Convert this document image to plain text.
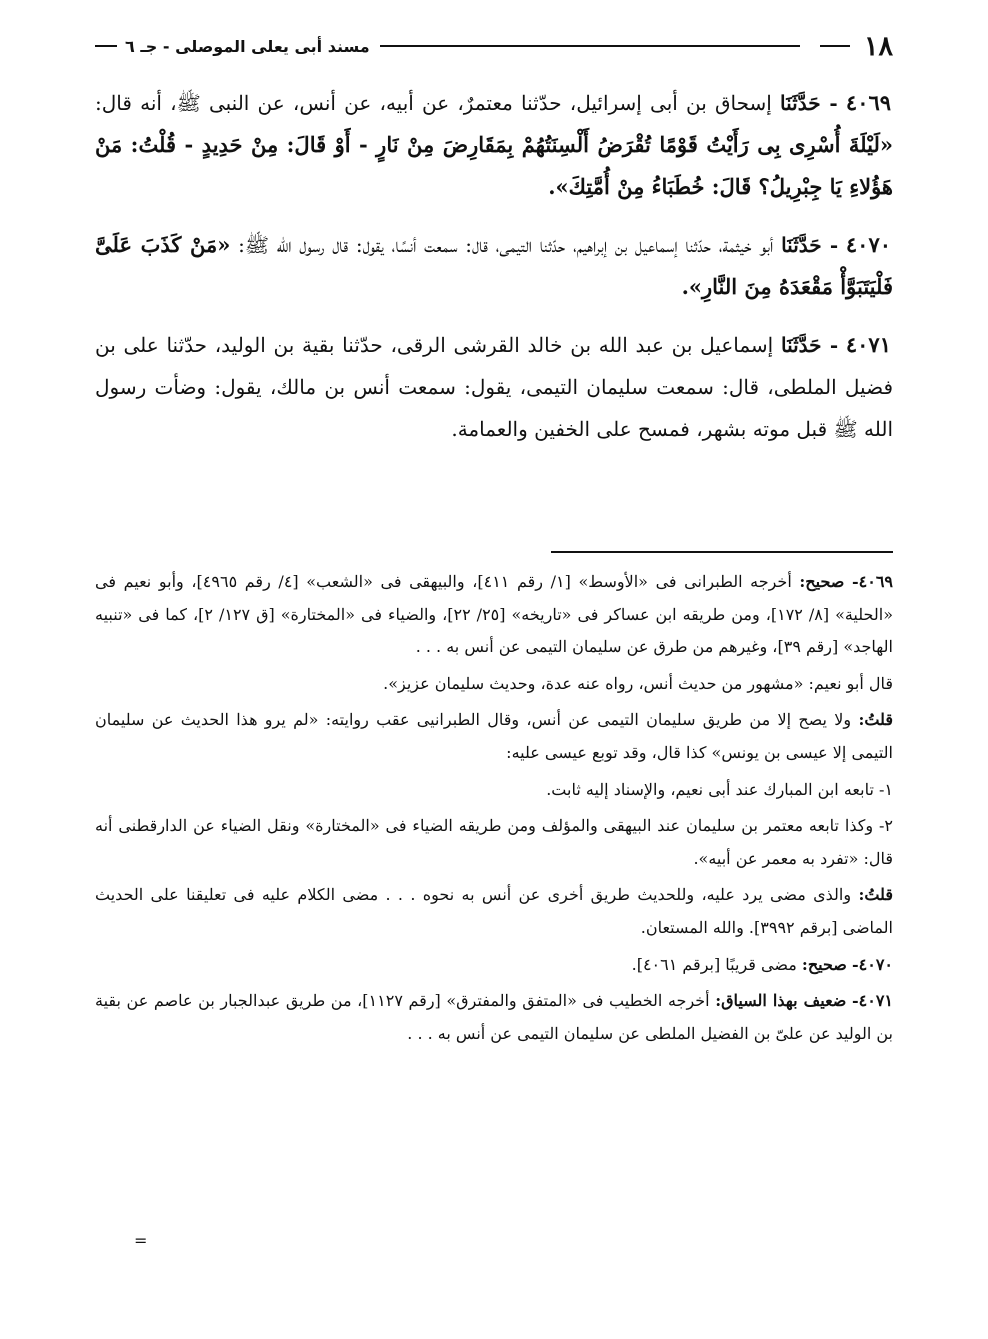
١٨
مسند أبى يعلى الموصلى - جـ ٦

٤٠٦٩ - حَدَّثَنَا إسحاق بن أبى إسرائيل، حدّثنا معتمرٌ، عن أبيه، عن أنس، عن النبى ﷺ، أنه قال: «لَيْلَةَ أُسْرِى بِى رَأَيْتُ قَوْمًا تُقْرَضُ أَلْسِنَتُهُمْ بِمَقَارِضَ مِنْ نَارٍ - أَوْ قَالَ: مِنْ حَدِيدٍ - قُلْتُ: مَنْ هَؤُلاءِ يَا جِبْرِيلُ؟ قَالَ: خُطَبَاءُ مِنْ أُمَّتِكَ».

٤٠٧٠ - حَدَّثَنَا أبو خيثمة، حدّثنا إسماعيل بن إبراهيم، حدّثنا التيمى، قال: سمعت أنسًا، يقول: قال رسول الله ﷺ: «مَنْ كَذَبَ عَلَىَّ فَلْيَتَبَوَّأْ مَقْعَدَهُ مِنَ النَّارِ».

٤٠٧١ - حَدَّثَنَا إسماعيل بن عبد الله بن خالد القرشى الرقى، حدّثنا بقية بن الوليد، حدّثنا على بن فضيل الملطى، قال: سمعت سليمان التيمى، يقول: سمعت أنس بن مالك، يقول: وضأت رسول الله ﷺ قبل موته بشهر، فمسح على الخفين والعمامة.

٤٠٦٩- صحيح: أخرجه الطبرانى فى «الأوسط» [١/ رقم ٤١١]، والبيهقى فى «الشعب» [٤/ رقم ٤٩٦٥]، وأبو نعيم فى «الحلية» [٨/ ١٧٢]، ومن طريقه ابن عساكر فى «تاريخه» [٢٥/ ٢٢]، والضياء فى «المختارة» [ق ١٢٧/ ٢]، كما فى «تنبيه الهاجد» [رقم ٣٩]، وغيرهم من طرق عن سليمان التيمى عن أنس به . . .

قال أبو نعيم: «مشهور من حديث أنس، رواه عنه عدة، وحديث سليمان عزيز».

قلتُ: ولا يصح إلا من طريق سليمان التيمى عن أنس، وقال الطبرانيى عقب روايته: «لم يرو هذا الحديث عن سليمان التيمى إلا عيسى بن يونس» كذا قال، وقد توبع عيسى عليه:

١- تابعه ابن المبارك عند أبى نعيم، والإسناد إليه ثابت.

٢- وكذا تابعه معتمر بن سليمان عند البيهقى والمؤلف ومن طريقه الضياء فى «المختارة» ونقل الضياء عن الدارقطنى أنه قال: «تفرد به معمر عن أبيه».

قلتُ: والذى مضى يرد عليه، وللحديث طريق أخرى عن أنس به نحوه . . . مضى الكلام عليه فى تعليقنا على الحديث الماضى [برقم ٣٩٩٢]. والله المستعان.

٤٠٧٠- صحيح: مضى قريبًا [برقم ٤٠٦١].

٤٠٧١- ضعيف بهذا السياق: أخرجه الخطيب فى «المتفق والمفترق» [رقم ١١٢٧]، من طريق عبدالجبار بن عاصم عن بقية بن الوليد عن علىّ بن الفضيل الملطى عن سليمان التيمى عن أنس به . . .

=
